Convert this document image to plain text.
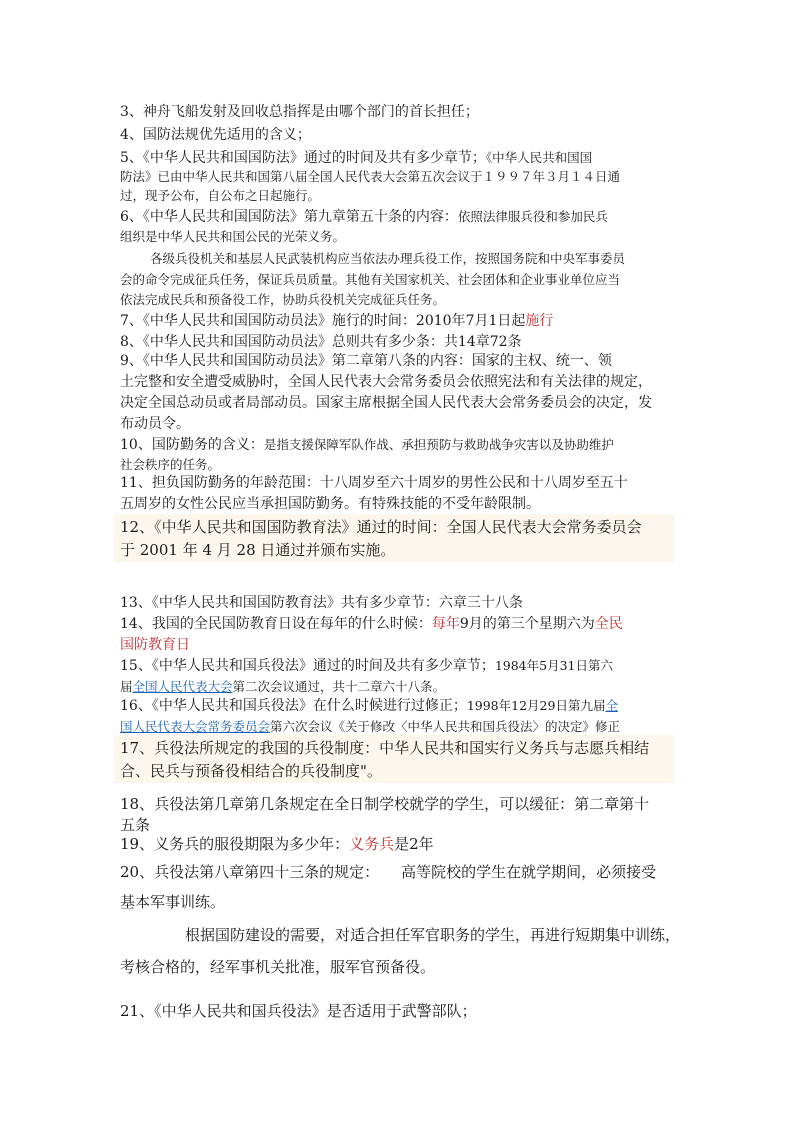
3、神舟飞船发射及回收总指挥是由哪个部门的首长担任；
4、国防法规优先适用的含义；
5、《中华人民共和国国防法》通过的时间及共有多少章节；《中华人民共和国国
防法》已由中华人民共和国第八届全国人民代表大会第五次会议于１９９７年３月１４日通
过，现予公布，自公布之日起施行。
6、《中华人民共和国国防法》第九章第五十条的内容：依照法律服兵役和参加民兵
组织是中华人民共和国公民的光荣义务。
各级兵役机关和基层人民武装机构应当依法办理兵役工作，按照国务院和中央军事委员
会的命令完成征兵任务，保证兵员质量。其他有关国家机关、社会团体和企业事业单位应当
依法完成民兵和预备役工作，协助兵役机关完成征兵任务。
7、《中华人民共和国国防动员法》施行的时间：2010年7月1日起施行
8、《中华人民共和国国防动员法》总则共有多少条：共14章72条
9、《中华人民共和国国防动员法》第二章第八条的内容：国家的主权、统一、领
土完整和安全遭受威胁时，全国人民代表大会常务委员会依照宪法和有关法律的规定，
决定全国总动员或者局部动员。国家主席根据全国人民代表大会常务委员会的决定，发
布动员令。
10、国防勤务的含义：是指支援保障军队作战、承担预防与救助战争灾害以及协助维护
社会秩序的任务。
11、担负国防勤务的年龄范围：十八周岁至六十周岁的男性公民和十八周岁至五十
五周岁的女性公民应当承担国防勤务。有特殊技能的不受年龄限制。
12、《中华人民共和国国防教育法》通过的时间：全国人民代表大会常务委员会
于 2001 年 4 月 28 日通过并颁布实施。
13、《中华人民共和国国防教育法》共有多少章节：六章三十八条
14、我国的全民国防教育日设在每年的什么时候：每年9月的第三个星期六为全民
国防教育日
15、《中华人民共和国兵役法》通过的时间及共有多少章节；1984年5月31日第六
届全国人民代表大会第二次会议通过，共十二章六十八条。
16、《中华人民共和国兵役法》在什么时候进行过修正；1998年12月29日第九届全
国人民代表大会常务委员会第六次会议《关于修改〈中华人民共和国兵役法〉的决定》修正
17、兵役法所规定的我国的兵役制度：中华人民共和国实行义务兵与志愿兵相结
合、民兵与预备役相结合的兵役制度"。
18、兵役法第几章第几条规定在全日制学校就学的学生，可以缓征：第二章第十
五条
19、义务兵的服役期限为多少年：义务兵是2年
20、兵役法第八章第四十三条的规定： 高等院校的学生在就学期间，必须接受
基本军事训练。
根据国防建设的需要，对适合担任军官职务的学生，再进行短期集中训练，
考核合格的，经军事机关批准，服军官预备役。
21、《中华人民共和国兵役法》是否适用于武警部队；
